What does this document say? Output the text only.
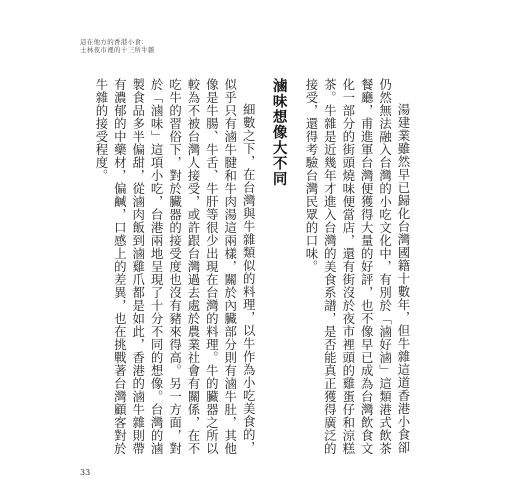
這在他方的香港小食：
士林夜市裡的十三所牛雜

湯建業雖然早已歸化台灣國籍十數年，但牛雜這道香港小食卻仍然無法融入台灣的小吃文化中，有別於「滷好滷」這類港式飲茶餐廳，甫進軍台灣便獲得大量的好評，也不像早已成為台灣飲食文化一部分的街頭燒味便當店，還有街沒於夜市裡頭的雞蛋仔和涼糕茶。牛雜是近幾年才進入台灣的美食系譜，是否能真正獲得廣泛的接受，還得考驗台灣民眾的口味。

滷味想像大不同

細數之下，在台灣與牛雜類似的料理，以牛作為小吃美食的，似乎只有滷牛腱和牛肉湯這兩樣，關於內臟部分則有滷牛肚，其他像是牛腸、牛舌、牛肝等很少出現在台灣的料理。牛的臟器之所以較為不被台灣人接受，或許跟台灣過去處於農業社會有關係，在不吃牛的習俗下，對於臟器的接受度也沒有豬來得高。另一方面，對於「滷味」這項小吃，台港兩地呈現了十分不同的想像。台灣的滷製食品多半偏甜，從滷肉飯到滷雞爪都是如此，香港的滷牛雜則帶有濃郁的中藥材，偏鹹，口感上的差異，也在挑戰著台灣顧客對於牛雜的接受程度。

33
